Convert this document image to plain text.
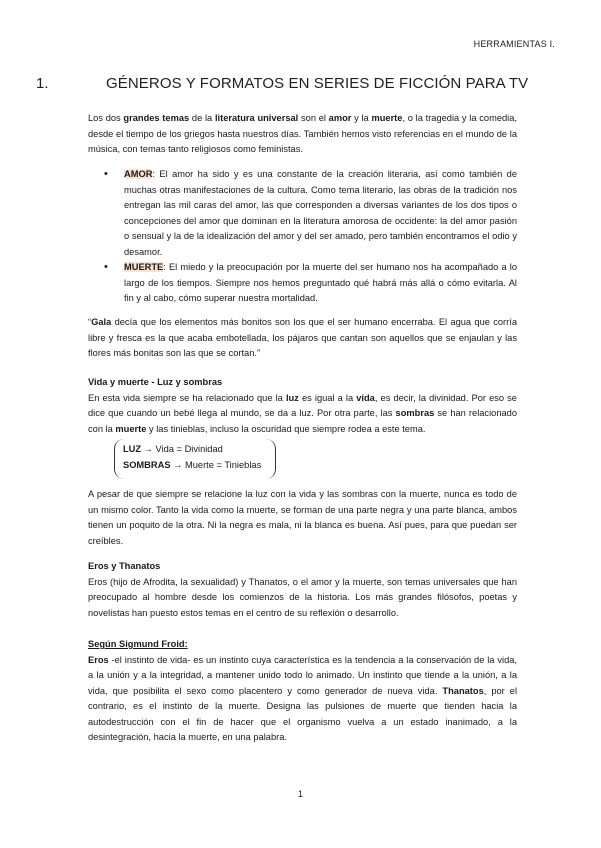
HERRAMIENTAS I.
1.	GÉNEROS Y FORMATOS EN SERIES DE FICCIÓN PARA TV

Los dos grandes temas de la literatura universal son el amor y la muerte, o la tragedia y la comedia, desde el tiempo de los griegos hasta nuestros días. También hemos visto referencias en el mundo de la música, con temas tanto religiosos como feministas.

• AMOR: El amor ha sido y es una constante de la creación literaria, así como también de muchas otras manifestaciones de la cultura. Como tema literario, las obras de la tradición nos entregan las mil caras del amor, las que corresponden a diversas variantes de los dos tipos o concepciones del amor que dominan en la literatura amorosa de occidente: la del amor pasión o sensual y la de la idealización del amor y del ser amado, pero también encontramos el odio y desamor.
• MUERTE: El miedo y la preocupación por la muerte del ser humano nos ha acompañado a lo largo de los tiempos. Siempre nos hemos preguntado qué habrá más allá o cómo evitarla. Al fin y al cabo, cómo superar nuestra mortalidad.

“Gala decía que los elementos más bonitos son los que el ser humano encerraba. El agua que corría libre y fresca es la que acaba embotellada, los pájaros que cantan son aquellos que se enjaulan y las flores más bonitas son las que se cortan.”

Vida y muerte - Luz y sombras

En esta vida siempre se ha relacionado que la luz es igual a la vida, es decir, la divinidad. Por eso se dice que cuando un bebé llega al mundo, se da a luz. Por otra parte, las sombras se han relacionado con la muerte y las tinieblas, incluso la oscuridad que siempre rodea a este tema.

LUZ → Vida = Divinidad
SOMBRAS → Muerte = Tinieblas

A pesar de que siempre se relacione la luz con la vida y las sombras con la muerte, nunca es todo de un mismo color. Tanto la vida como la muerte, se forman de una parte negra y una parte blanca, ambos tienen un poquito de la otra. Ni la negra es mala, ni la blanca es buena. Así pues, para que puedan ser creíbles.

Eros y Thanatos

Eros (hijo de Afrodita, la sexualidad) y Thanatos, o el amor y la muerte, son temas universales que han preocupado al hombre desde los comienzos de la historia. Los más grandes filósofos, poetas y novelistas han puesto estos temas en el centro de su reflexión o desarrollo.

Según Sigmund Froid:

Eros -el instinto de vida- es un instinto cuya característica es la tendencia a la conservación de la vida, a la unión y a la integridad, a mantener unido todo lo animado. Un instinto que tiende a la unión, a la vida, que posibilita el sexo como placentero y como generador de nueva vida. Thanatos, por el contrario, es el instinto de la muerte. Designa las pulsiones de muerte que tienden hacia la autodestrucción con el fin de hacer que el organismo vuelva a un estado inanimado, a la desintegración, hacia la muerte, en una palabra.

1
